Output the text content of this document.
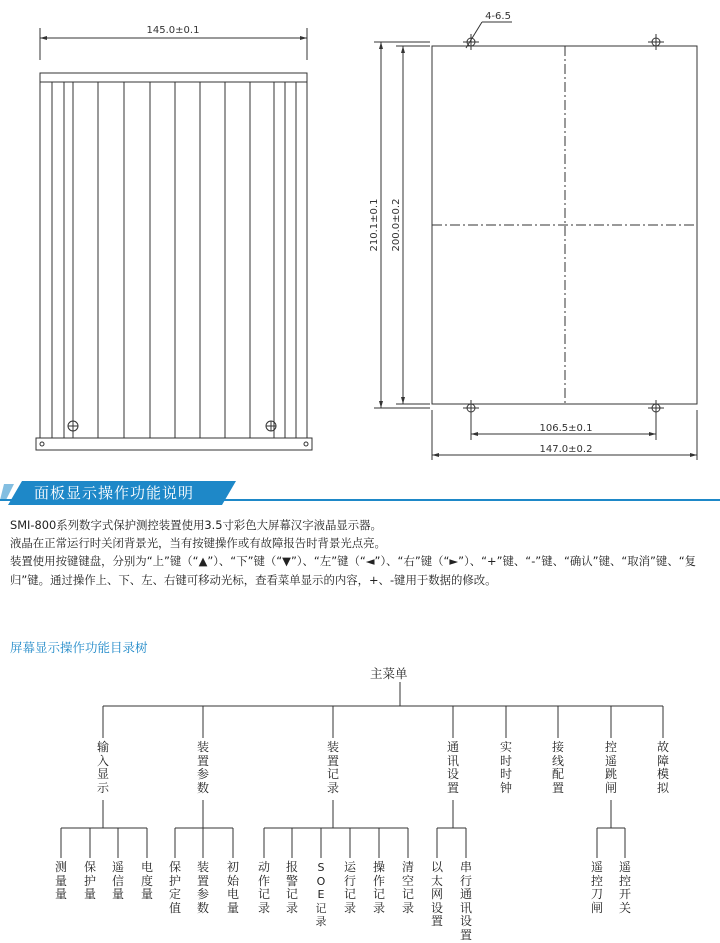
145.0±0.1
4-6.5
210.1±0.1 200.0±0.2
106.5±0.1
147.0±0.2
面板显示操作功能说明

SMI-800系列数字式保护测控装置使用3.5寸彩色大屏幕汉字液晶显示器。

液晶在正常运行时关闭背景光，当有按键操作或有故障报告时背景光点亮。

装置使用按键键盘，分别为“上”键（“▲”）、“下”键（“▼”）、“左”键（“◄”）、“右”键（“►”）、“+”键、“-”键、“确认”键、“取消”键、“复归”键。通过操作上、下、左、右键可移动光标，查看菜单显示的内容，+、-键用于数据的修改。

屏幕显示操作功能目录树
主菜单
输入显示
装置参数
装置记录
通讯设置
实时时钟
接线配置
控遥跳闸
故障模拟
测量量
保护量
遥信量
电度量
保护定值
装置参数
初始电量
动作记录
报警记录
SOE记录
运行记录
操作记录
清空记录
以太网设置
串行通讯设置
遥控刀闸
遥控开关
